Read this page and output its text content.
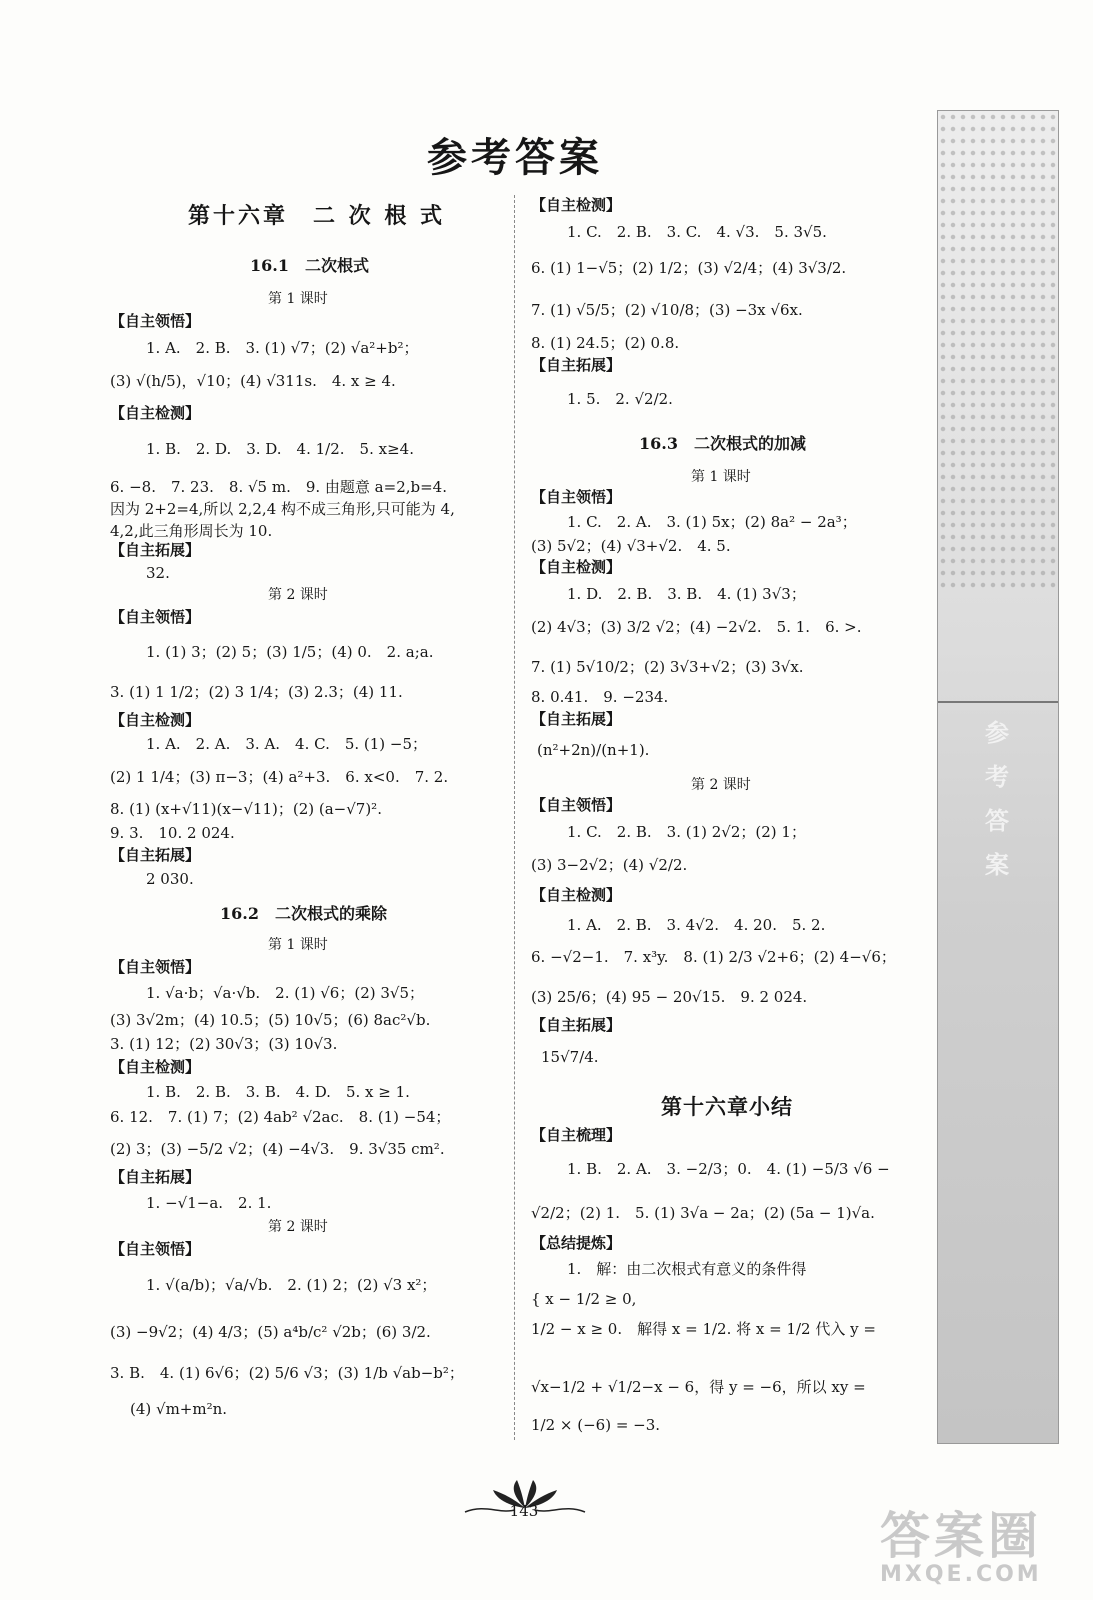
参考答案
第十六章　二 次 根 式
16.1　二次根式
第 1 课时
【自主领悟】
1. A.　2. B.　3. (1) √7；(2) √a²+b²；
(3) √(h/5)，√10；(4) √311s.　4. x ≥ 4.
【自主检测】
1. B.　2. D.　3. D.　4. 1/2.　5. x≥4.
6. −8.　7. 23.　8. √5 m.　9. 由题意 a=2,b=4.
因为 2+2=4,所以 2,2,4 构不成三角形,只可能为 4,
4,2,此三角形周长为 10.
【自主拓展】
32.
第 2 课时
【自主领悟】
1. (1) 3；(2) 5；(3) 1/5；(4) 0.　2. a;a.
3. (1) 1 1/2；(2) 3 1/4；(3) 2.3；(4) 11.
【自主检测】
1. A.　2. A.　3. A.　4. C.　5. (1) −5；
(2) 1 1/4；(3) π−3；(4) a²+3.　6. x<0.　7. 2.
8. (1) (x+√11)(x−√11)；(2) (a−√7)².
9. 3.　10. 2 024.
【自主拓展】
2 030.
16.2　二次根式的乘除
第 1 课时
【自主领悟】
1. √a·b；√a·√b.　2. (1) √6；(2) 3√5；
(3) 3√2m；(4) 10.5；(5) 10√5；(6) 8ac²√b.
3. (1) 12；(2) 30√3；(3) 10√3.
【自主检测】
1. B.　2. B.　3. B.　4. D.　5. x ≥ 1.
6. 12.　7. (1) 7；(2) 4ab² √2ac.　8. (1) −54；
(2) 3；(3) −5/2 √2；(4) −4√3.　9. 3√35 cm².
【自主拓展】
1. −√1−a.　2. 1.
第 2 课时
【自主领悟】
1. √(a/b)；√a/√b.　2. (1) 2；(2) √3 x²；
(3) −9√2；(4) 4/3；(5) a⁴b/c² √2b；(6) 3/2.
3. B.　4. (1) 6√6；(2) 5/6 √3；(3) 1/b √ab−b²；
(4) √m+m²n.
【自主检测】
1. C.　2. B.　3. C.　4. √3.　5. 3√5.
6. (1) 1−√5；(2) 1/2；(3) √2/4；(4) 3√3/2.
7. (1) √5/5；(2) √10/8；(3) −3x √6x.
8. (1) 24.5；(2) 0.8.
【自主拓展】
1. 5.　2. √2/2.
16.3　二次根式的加减
第 1 课时
【自主领悟】
1. C.　2. A.　3. (1) 5x；(2) 8a² − 2a³；
(3) 5√2；(4) √3+√2.　4. 5.
【自主检测】
1. D.　2. B.　3. B.　4. (1) 3√3；
(2) 4√3；(3) 3/2 √2；(4) −2√2.　5. 1.　6. >.
7. (1) 5√10/2；(2) 3√3+√2；(3) 3√x.
8. 0.41.　9. −234.
【自主拓展】
(n²+2n)/(n+1).
第 2 课时
【自主领悟】
1. C.　2. B.　3. (1) 2√2；(2) 1；
(3) 3−2√2；(4) √2/2.
【自主检测】
1. A.　2. B.　3. 4√2.　4. 20.　5. 2.
6. −√2−1.　7. x³y.　8. (1) 2/3 √2+6；(2) 4−√6；
(3) 25/6；(4) 95 − 20√15.　9. 2 024.
【自主拓展】
15√7/4.
第十六章小结
【自主梳理】
1. B.　2. A.　3. −2/3；0.　4. (1) −5/3 √6 −
√2/2；(2) 1.　5. (1) 3√a − 2a；(2) (5a − 1)√a.
【总结提炼】
1.　解：由二次根式有意义的条件得
{ x − 1/2 ≥ 0,
1/2 − x ≥ 0.　解得 x = 1/2. 将 x = 1/2 代入 y =
√x−1/2 + √1/2−x − 6，得 y = −6，所以 xy =
1/2 × (−6) = −3.
参
考
答
案
143	答案圈
MXQE.COM
